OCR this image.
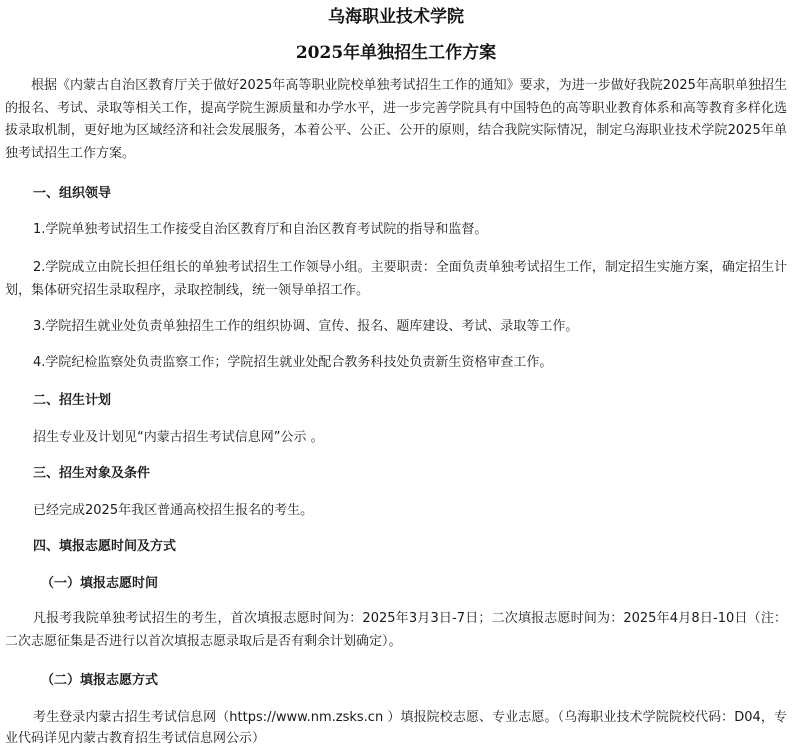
乌海职业技术学院
2025年单独招生工作方案

根据《内蒙古自治区教育厅关于做好2025年高等职业院校单独考试招生工作的通知》要求，为进一步做好我院2025年高职单独招生的报名、考试、录取等相关工作，提高学院生源质量和办学水平，进一步完善学院具有中国特色的高等职业教育体系和高等教育多样化选拔录取机制，更好地为区域经济和社会发展服务，本着公平、公正、公开的原则，结合我院实际情况，制定乌海职业技术学院2025年单独考试招生工作方案。

一、组织领导

1.学院单独考试招生工作接受自治区教育厅和自治区教育考试院的指导和监督。

2.学院成立由院长担任组长的单独考试招生工作领导小组。主要职责：全面负责单独考试招生工作，制定招生实施方案，确定招生计划，集体研究招生录取程序，录取控制线，统一领导单招工作。

3.学院招生就业处负责单独招生工作的组织协调、宣传、报名、题库建设、考试、录取等工作。

4.学院纪检监察处负责监察工作；学院招生就业处配合教务科技处负责新生资格审查工作。

二、招生计划

招生专业及计划见“内蒙古招生考试信息网”公示 。

三、招生对象及条件

已经完成2025年我区普通高校招生报名的考生。

四、填报志愿时间及方式

（一）填报志愿时间

凡报考我院单独考试招生的考生，首次填报志愿时间为：2025年3月3日-7日；二次填报志愿时间为：2025年4月8日-10日（注：二次志愿征集是否进行以首次填报志愿录取后是否有剩余计划确定）。

（二）填报志愿方式

考生登录内蒙古招生考试信息网（https://www.nm.zsks.cn ）填报院校志愿、专业志愿。（乌海职业技术学院院校代码：D04，专业代码详见内蒙古教育招生考试信息网公示）
